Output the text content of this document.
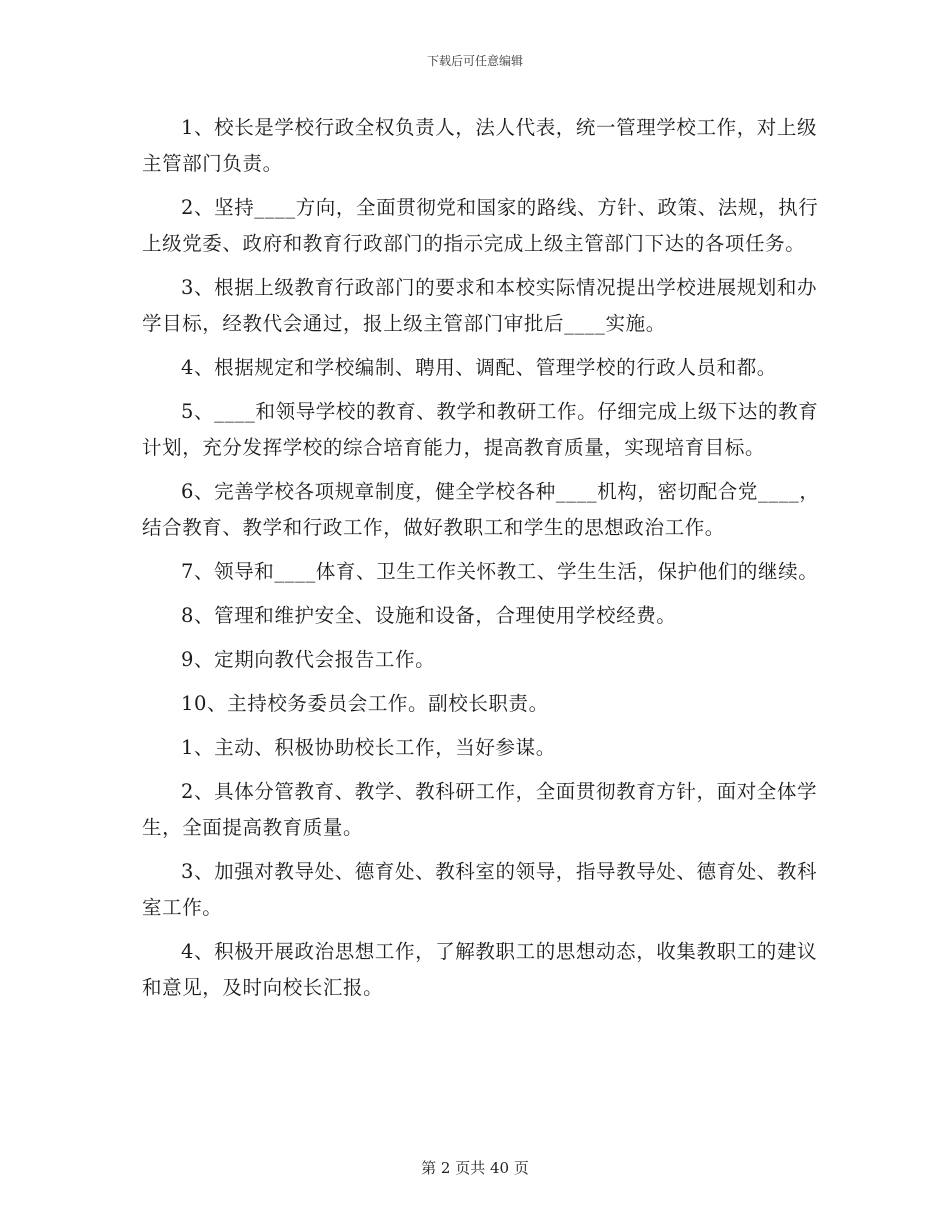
下载后可任意编辑

1、校长是学校行政全权负责人，法人代表，统一管理学校工作，对上级主管部门负责。

2、坚持____方向，全面贯彻党和国家的路线、方针、政策、法规，执行上级党委、政府和教育行政部门的指示完成上级主管部门下达的各项任务。

3、根据上级教育行政部门的要求和本校实际情况提出学校进展规划和办学目标，经教代会通过，报上级主管部门审批后____实施。

4、根据规定和学校编制、聘用、调配、管理学校的行政人员和都。

5、____和领导学校的教育、教学和教研工作。仔细完成上级下达的教育计划，充分发挥学校的综合培育能力，提高教育质量，实现培育目标。

6、完善学校各项规章制度，健全学校各种____机构，密切配合党____，结合教育、教学和行政工作，做好教职工和学生的思想政治工作。

7、领导和____体育、卫生工作关怀教工、学生生活，保护他们的继续。

8、管理和维护安全、设施和设备，合理使用学校经费。

9、定期向教代会报告工作。

10、主持校务委员会工作。副校长职责。

1、主动、积极协助校长工作，当好参谋。

2、具体分管教育、教学、教科研工作，全面贯彻教育方针，面对全体学生，全面提高教育质量。

3、加强对教导处、德育处、教科室的领导，指导教导处、德育处、教科室工作。

4、积极开展政治思想工作，了解教职工的思想动态，收集教职工的建议和意见，及时向校长汇报。

第 2 页共 40 页
